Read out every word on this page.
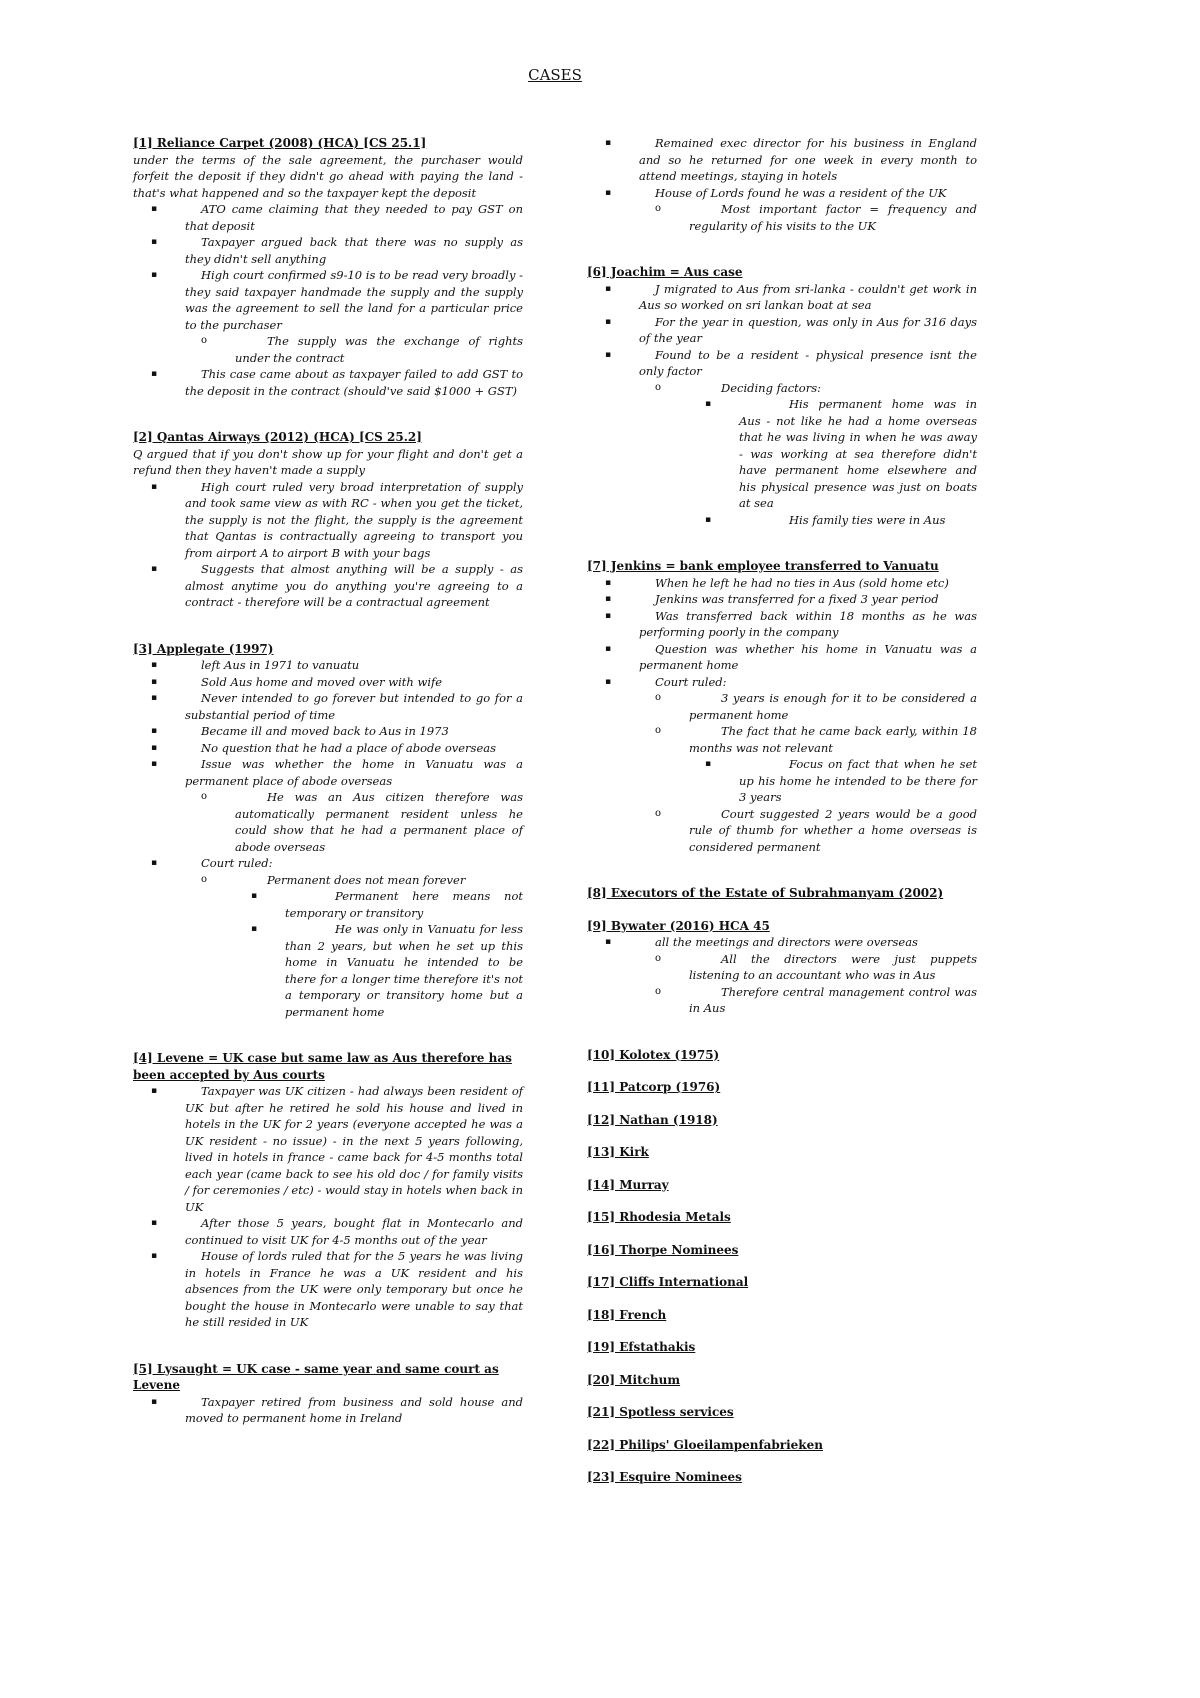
CASES
[1] Reliance Carpet (2008) (HCA) [CS 25.1]

under the terms of the sale agreement, the purchaser would forfeit the deposit if they didn't go ahead with paying the land - that's what happened and so the taxpayer kept the deposit

▪	ATO came claiming that they needed to pay GST on that deposit
▪	Taxpayer argued back that there was no supply as they didn't sell anything
▪	High court confirmed s9-10 is to be read very broadly - they said taxpayer handmade the supply and the supply was the agreement to sell the land for a particular price to the purchaser
o	The supply was the exchange of rights under the contract
▪	This case came about as taxpayer failed to add GST to the deposit in the contract (should've said $1000 + GST)
[2] Qantas Airways (2012) (HCA) [CS 25.2]

Q argued that if you don't show up for your flight and don't get a refund then they haven't made a supply

▪	High court ruled very broad interpretation of supply and took same view as with RC - when you get the ticket, the supply is not the flight, the supply is the agreement that Qantas is contractually agreeing to transport you from airport A to airport B with your bags
▪	Suggests that almost anything will be a supply - as almost anytime you do anything you're agreeing to a contract - therefore will be a contractual agreement
[3] Applegate (1997)
▪	left Aus in 1971 to vanuatu
▪	Sold Aus home and moved over with wife
▪	Never intended to go forever but intended to go for a substantial period of time
▪	Became ill and moved back to Aus in 1973
▪	No question that he had a place of abode overseas
▪	Issue was whether the home in Vanuatu was a permanent place of abode overseas
o	He was an Aus citizen therefore was automatically permanent resident unless he could show that he had a permanent place of abode overseas
▪	Court ruled:
o	Permanent does not mean forever
▪	Permanent here means not temporary or transitory
▪	He was only in Vanuatu for less than 2 years, but when he set up this home in Vanuatu he intended to be there for a longer time therefore it's not a temporary or transitory home but a permanent home
[4] Levene = UK case but same law as Aus therefore has been accepted by Aus courts
▪	Taxpayer was UK citizen - had always been resident of UK but after he retired he sold his house and lived in hotels in the UK for 2 years (everyone accepted he was a UK resident - no issue) - in the next 5 years following, lived in hotels in france - came back for 4-5 months total each year (came back to see his old doc / for family visits / for ceremonies / etc) - would stay in hotels when back in UK
▪	After those 5 years, bought flat in Montecarlo and continued to visit UK for 4-5 months out of the year
▪	House of lords ruled that for the 5 years he was living in hotels in France he was a UK resident and his absences from the UK were only temporary but once he bought the house in Montecarlo were unable to say that he still resided in UK
[5] Lysaught = UK case - same year and same court as Levene
▪	Taxpayer retired from business and sold house and moved to permanent home in Ireland
▪	Remained exec director for his business in England and so he returned for one week in every month to attend meetings, staying in hotels
▪	House of Lords found he was a resident of the UK
o	Most important factor = frequency and regularity of his visits to the UK
[6] Joachim = Aus case
▪	J migrated to Aus from sri-lanka - couldn't get work in Aus so worked on sri lankan boat at sea
▪	For the year in question, was only in Aus for 316 days of the year
▪	Found to be a resident - physical presence isnt the only factor
o	Deciding factors:
▪	His permanent home was in Aus - not like he had a home overseas that he was living in when he was away - was working at sea therefore didn't have permanent home elsewhere and his physical presence was just on boats at sea
▪	His family ties were in Aus
[7] Jenkins = bank employee transferred to Vanuatu
▪	When he left he had no ties in Aus (sold home etc)
▪	Jenkins was transferred for a fixed 3 year period
▪	Was transferred back within 18 months as he was performing poorly in the company
▪	Question was whether his home in Vanuatu was a permanent home
▪	Court ruled:
o	3 years is enough for it to be considered a permanent home
o	The fact that he came back early, within 18 months was not relevant
▪	Focus on fact that when he set up his home he intended to be there for 3 years
o	Court suggested 2 years would be a good rule of thumb for whether a home overseas is considered permanent
[8] Executors of the Estate of Subrahmanyam (2002)
[9] Bywater (2016) HCA 45
▪	all the meetings and directors were overseas
o	All the directors were just puppets listening to an accountant who was in Aus
o	Therefore central management control was in Aus
[10] Kolotex (1975)
[11] Patcorp (1976)
[12] Nathan (1918)
[13] Kirk
[14] Murray
[15] Rhodesia Metals
[16] Thorpe Nominees
[17] Cliffs International
[18] French
[19] Efstathakis
[20] Mitchum
[21] Spotless services
[22] Philips' Gloeilampenfabrieken
[23] Esquire Nominees
